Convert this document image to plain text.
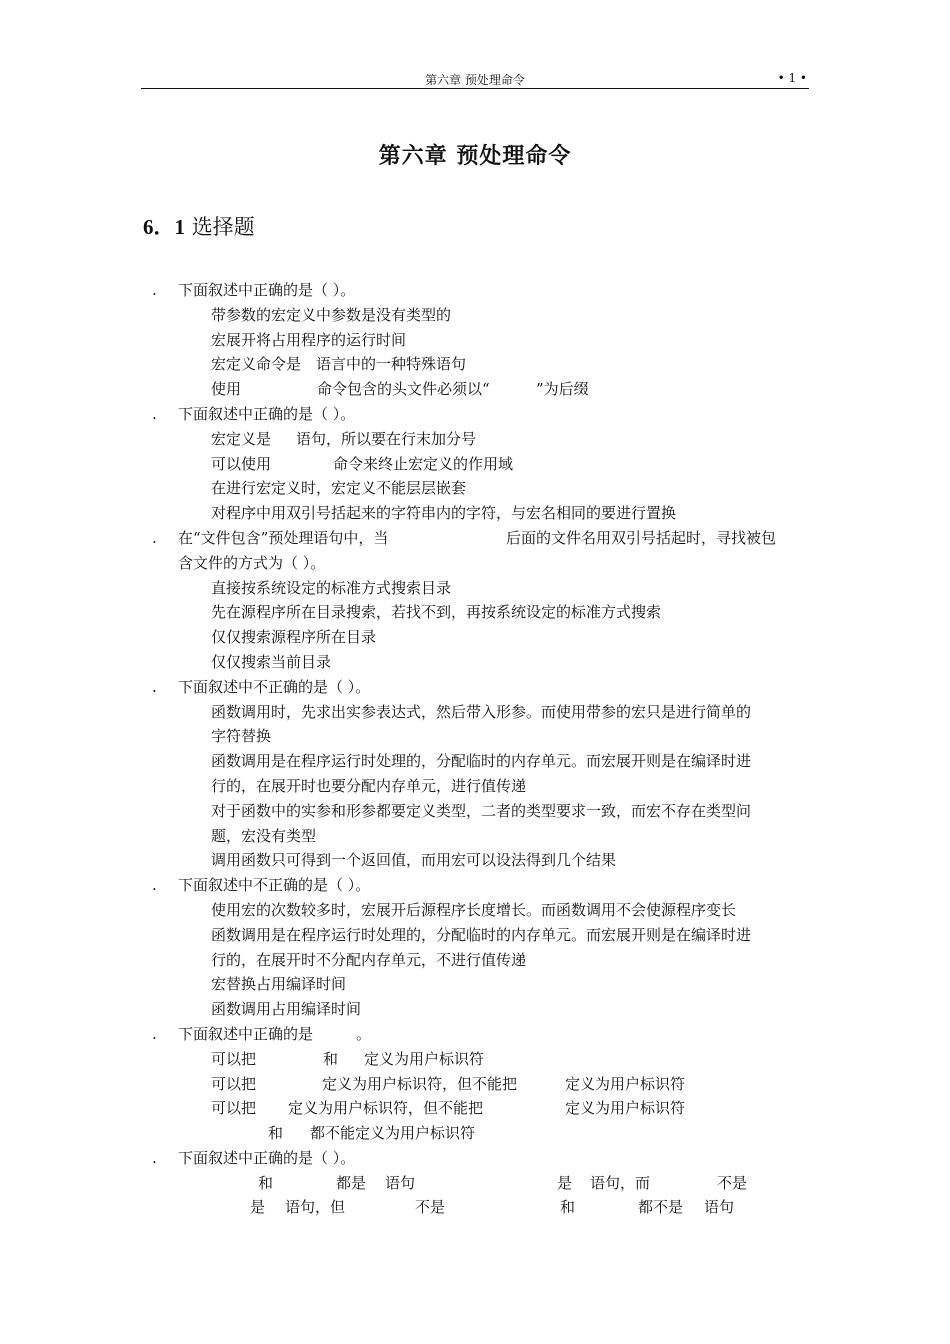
第六章 预处理命令	• 1 •
第六章 预处理命令
6．1 选择题
. 下面叙述中正确的是（ ）。
带参数的宏定义中参数是没有类型的
宏展开将占用程序的运行时间
宏定义命令是 语言中的一种特殊语句
使用	命令包含的头文件必须以“	”为后缀
. 下面叙述中正确的是（ ）。
宏定义是 语句，所以要在行末加分号
可以使用	命令来终止宏定义的作用域
在进行宏定义时，宏定义不能层层嵌套
对程序中用双引号括起来的字符串内的字符，与宏名相同的要进行置换
. 在“文件包含”预处理语句中，当	后面的文件名用双引号括起时，寻找被包
含文件的方式为（ ）。
直接按系统设定的标准方式搜索目录
先在源程序所在目录搜索，若找不到，再按系统设定的标准方式搜索
仅仅搜索源程序所在目录
仅仅搜索当前目录
. 下面叙述中不正确的是（ ）。
函数调用时，先求出实参表达式，然后带入形参。而使用带参的宏只是进行简单的
字符替换
函数调用是在程序运行时处理的，分配临时的内存单元。而宏展开则是在编译时进
行的，在展开时也要分配内存单元，进行值传递
对于函数中的实参和形参都要定义类型，二者的类型要求一致，而宏不存在类型问
题，宏没有类型
调用函数只可得到一个返回值，而用宏可以设法得到几个结果
. 下面叙述中不正确的是（ ）。
使用宏的次数较多时，宏展开后源程序长度增长。而函数调用不会使源程序变长
函数调用是在程序运行时处理的，分配临时的内存单元。而宏展开则是在编译时进
行的，在展开时不分配内存单元，不进行值传递
宏替换占用编译时间
函数调用占用编译时间
. 下面叙述中正确的是	。
可以把	和 定义为用户标识符
可以把	定义为用户标识符，但不能把	定义为用户标识符
可以把 定义为用户标识符，但不能把	定义为用户标识符
和 都不能定义为用户标识符
. 下面叙述中正确的是（ ）。
和	都是 语句	是 语句，而	不是
是 语句，但	不是	和	都不是 语句
